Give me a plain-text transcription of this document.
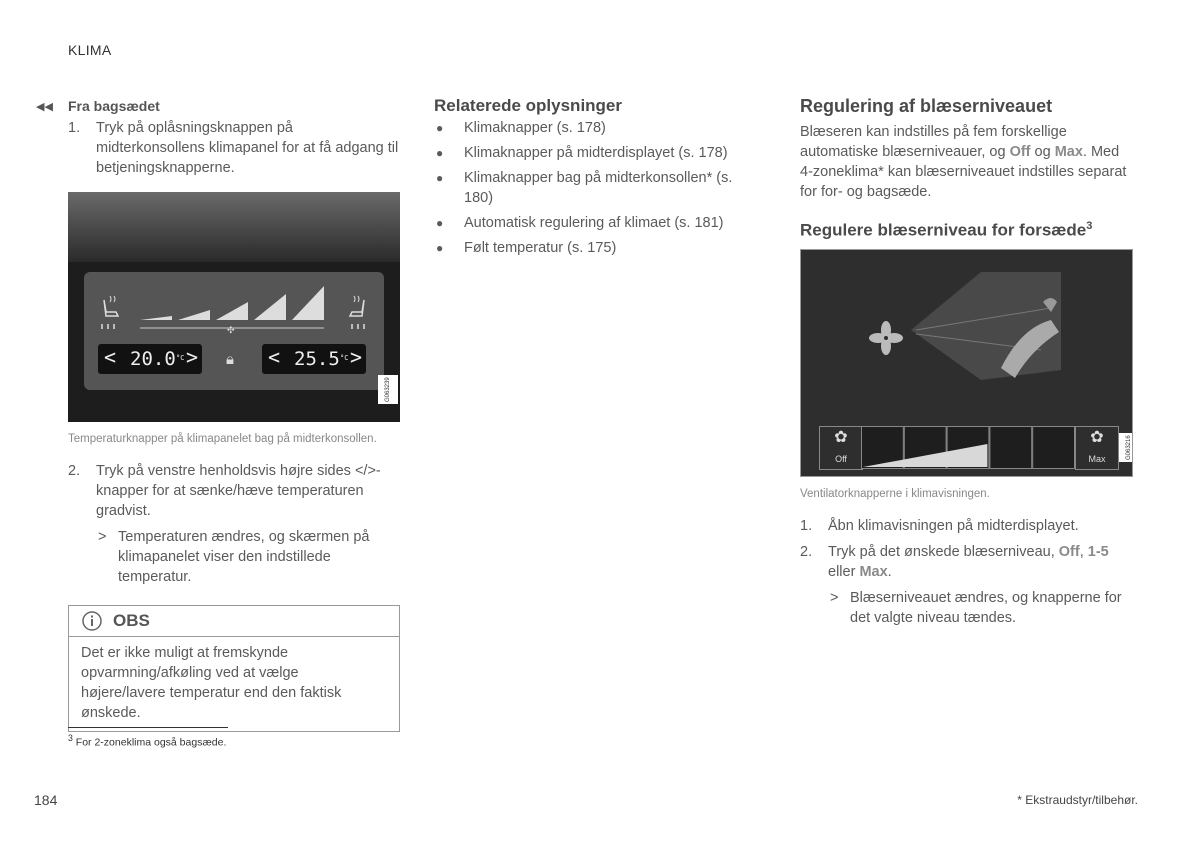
KLIMA
◀◀ Fra bagsædet
1.	Tryk på oplåsningsknappen på midterkonsollens klimapanel for at få adgang til betjeningsknapperne.
✣
< 20.0 °C > 🔒︎ < 25.5 °C >
G063239
Temperaturknapper på klimapanelet bag på midterkonsollen.
2.	Tryk på venstre henholdsvis højre sides </>-knapper for at sænke/hæve temperaturen gradvist.
> Temperaturen ændres, og skærmen på klimapanelet viser den indstillede temperatur.
OBS
Det er ikke muligt at fremskynde opvarmning/afkøling ved at vælge højere/lavere temperatur end den faktisk ønskede.
Relaterede oplysninger
●	Klimaknapper (s. 178)
●	Klimaknapper på midterdisplayet (s. 178)
●	Klimaknapper bag på midterkonsollen* (s. 180)
●	Automatisk regulering af klimaet (s. 181)
●	Følt temperatur (s. 175)
Regulering af blæserniveauet
Blæseren kan indstilles på fem forskellige automatiske blæserniveauer, og Off og Max. Med 4-zoneklima* kan blæserniveauet indstilles separat for for- og bagsæde.
Regulere blæserniveau for forsæde$^3$
✿
Off
✿
Max	G063216
Ventilatorknapperne i klimavisningen.
1.	Åbn klimavisningen på midterdisplayet.
2.	Tryk på det ønskede blæserniveau, Off, 1-5 eller Max.
> Blæserniveauet ændres, og knapperne for det valgte niveau tændes.
$^3$ For 2-zoneklima også bagsæde.
184	* Ekstraudstyr/tilbehør.
